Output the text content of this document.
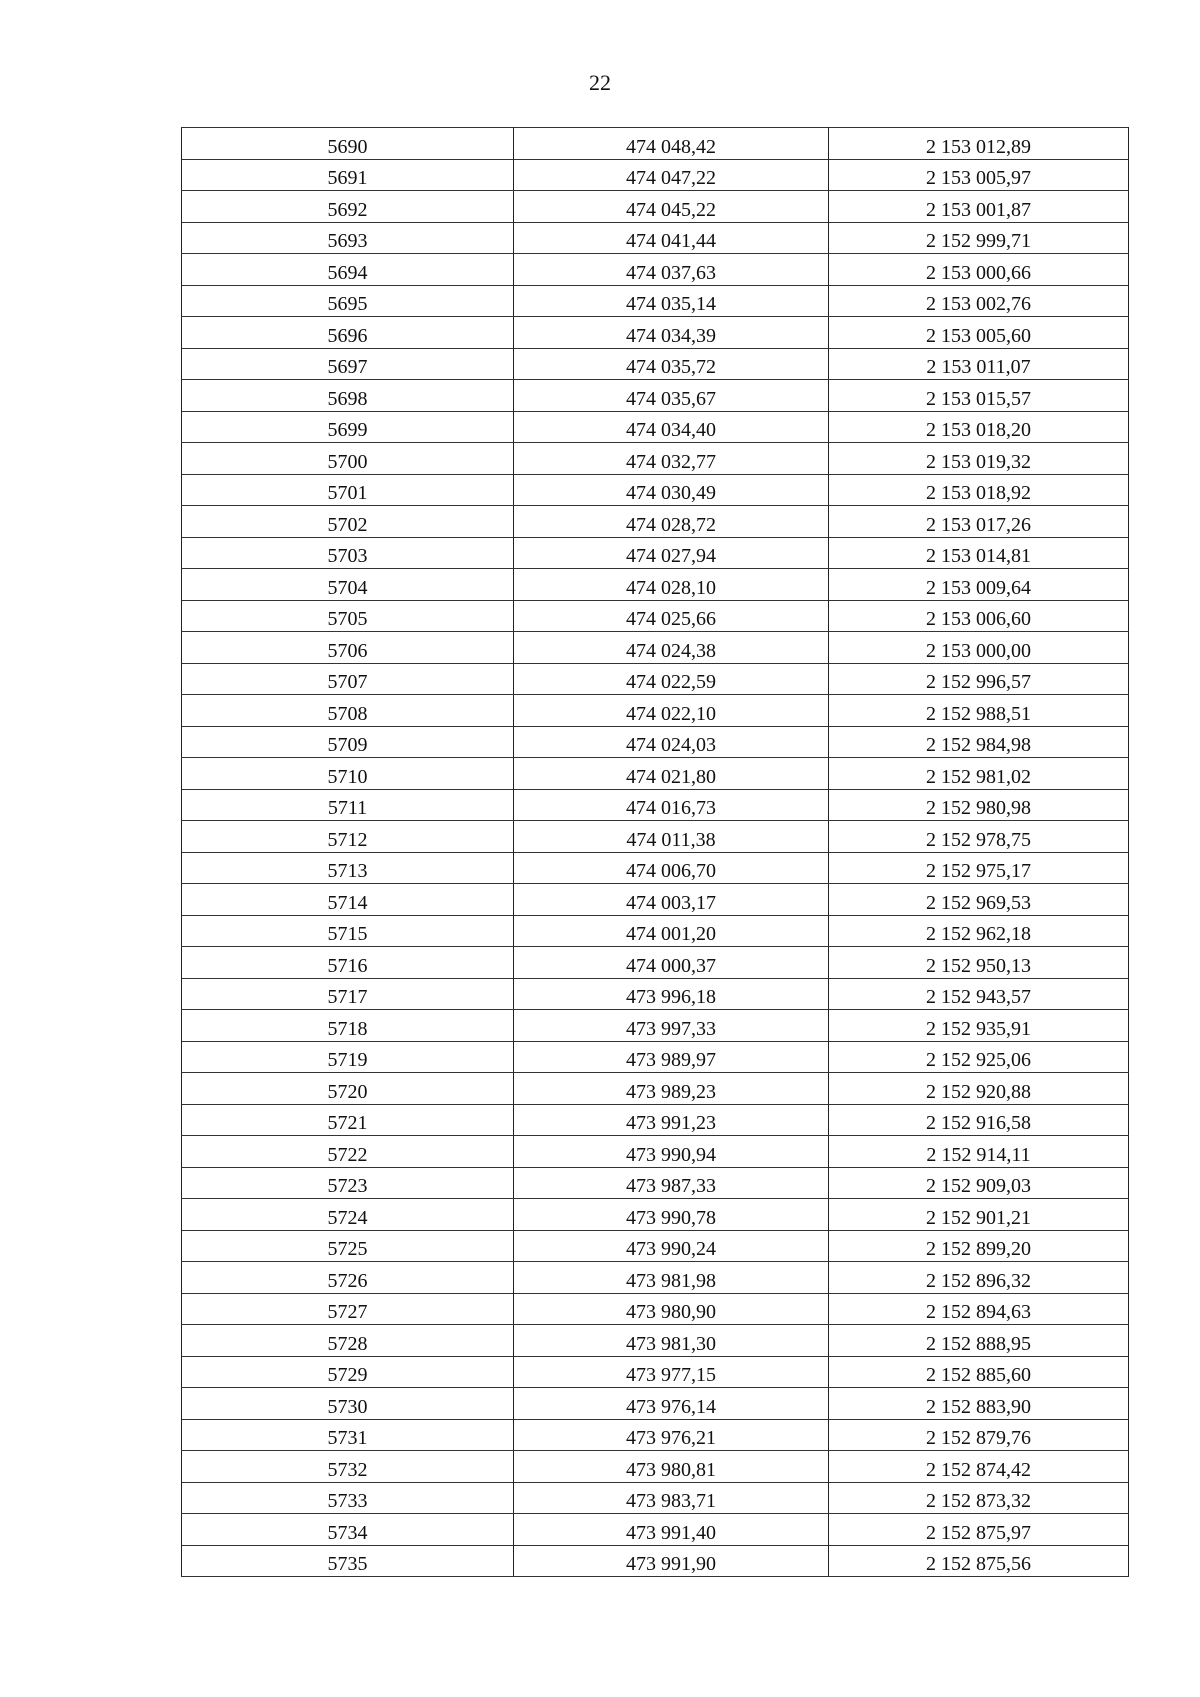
22
5690	474 048,42	2 153 012,89
5691	474 047,22	2 153 005,97
5692	474 045,22	2 153 001,87
5693	474 041,44	2 152 999,71
5694	474 037,63	2 153 000,66
5695	474 035,14	2 153 002,76
5696	474 034,39	2 153 005,60
5697	474 035,72	2 153 011,07
5698	474 035,67	2 153 015,57
5699	474 034,40	2 153 018,20
5700	474 032,77	2 153 019,32
5701	474 030,49	2 153 018,92
5702	474 028,72	2 153 017,26
5703	474 027,94	2 153 014,81
5704	474 028,10	2 153 009,64
5705	474 025,66	2 153 006,60
5706	474 024,38	2 153 000,00
5707	474 022,59	2 152 996,57
5708	474 022,10	2 152 988,51
5709	474 024,03	2 152 984,98
5710	474 021,80	2 152 981,02
5711	474 016,73	2 152 980,98
5712	474 011,38	2 152 978,75
5713	474 006,70	2 152 975,17
5714	474 003,17	2 152 969,53
5715	474 001,20	2 152 962,18
5716	474 000,37	2 152 950,13
5717	473 996,18	2 152 943,57
5718	473 997,33	2 152 935,91
5719	473 989,97	2 152 925,06
5720	473 989,23	2 152 920,88
5721	473 991,23	2 152 916,58
5722	473 990,94	2 152 914,11
5723	473 987,33	2 152 909,03
5724	473 990,78	2 152 901,21
5725	473 990,24	2 152 899,20
5726	473 981,98	2 152 896,32
5727	473 980,90	2 152 894,63
5728	473 981,30	2 152 888,95
5729	473 977,15	2 152 885,60
5730	473 976,14	2 152 883,90
5731	473 976,21	2 152 879,76
5732	473 980,81	2 152 874,42
5733	473 983,71	2 152 873,32
5734	473 991,40	2 152 875,97
5735	473 991,90	2 152 875,56
